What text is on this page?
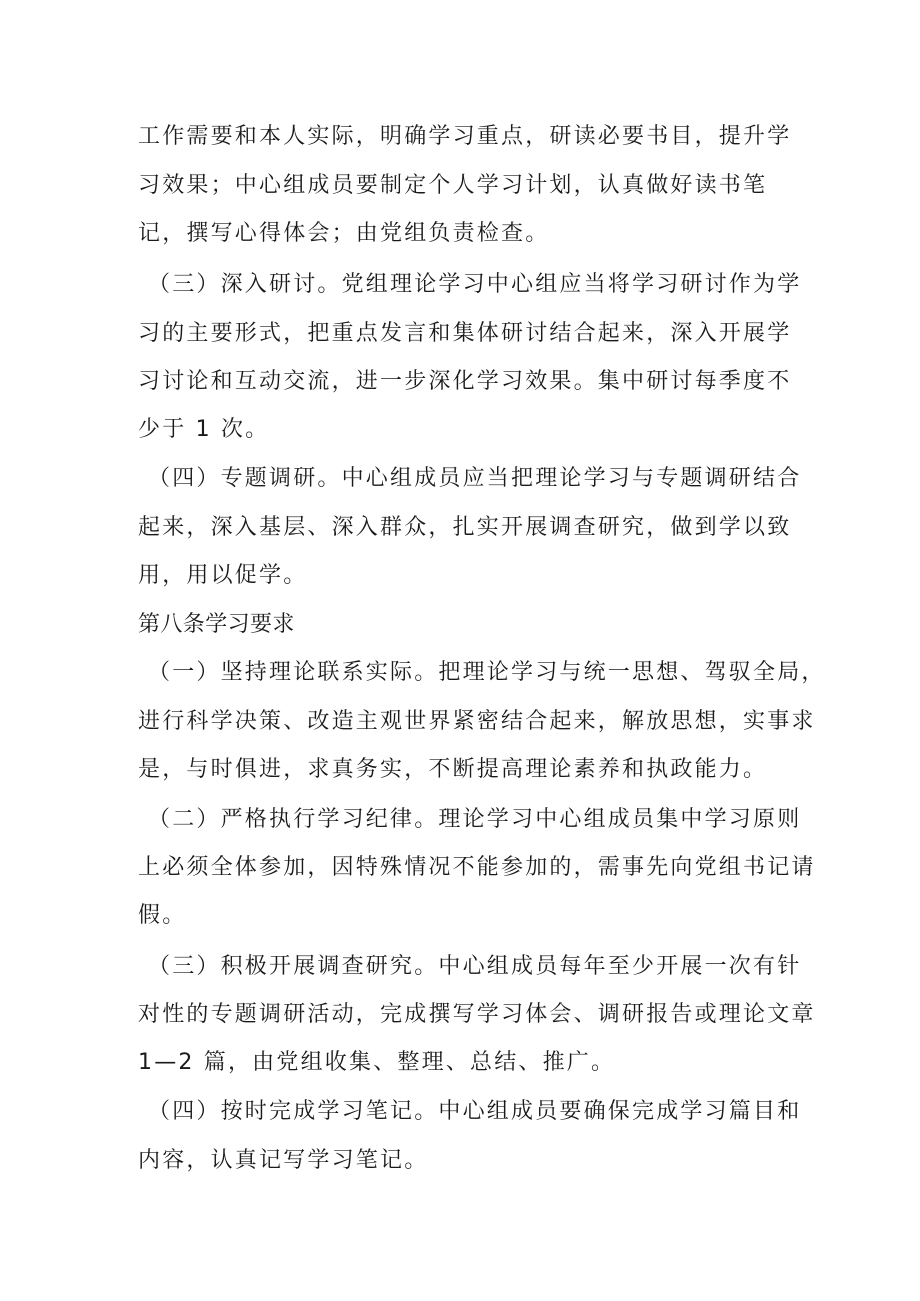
工作需要和本人实际，明确学习重点，研读必要书目，提升学
习效果；中心组成员要制定个人学习计划，认真做好读书笔
记，撰写心得体会；由党组负责检查。
（三）深入研讨。党组理论学习中心组应当将学习研讨作为学
习的主要形式，把重点发言和集体研讨结合起来，深入开展学
习讨论和互动交流，进一步深化学习效果。集中研讨每季度不
少于 1 次。
（四）专题调研。中心组成员应当把理论学习与专题调研结合
起来，深入基层、深入群众，扎实开展调查研究，做到学以致
用，用以促学。
第八条学习要求
（一）坚持理论联系实际。把理论学习与统一思想、驾驭全局，
进行科学决策、改造主观世界紧密结合起来，解放思想，实事求
是，与时俱进，求真务实，不断提高理论素养和执政能力。
（二）严格执行学习纪律。理论学习中心组成员集中学习原则
上必须全体参加，因特殊情况不能参加的，需事先向党组书记请
假。
（三）积极开展调查研究。中心组成员每年至少开展一次有针
对性的专题调研活动，完成撰写学习体会、调研报告或理论文章
1—2 篇，由党组收集、整理、总结、推广。
（四）按时完成学习笔记。中心组成员要确保完成学习篇目和
内容，认真记写学习笔记。
